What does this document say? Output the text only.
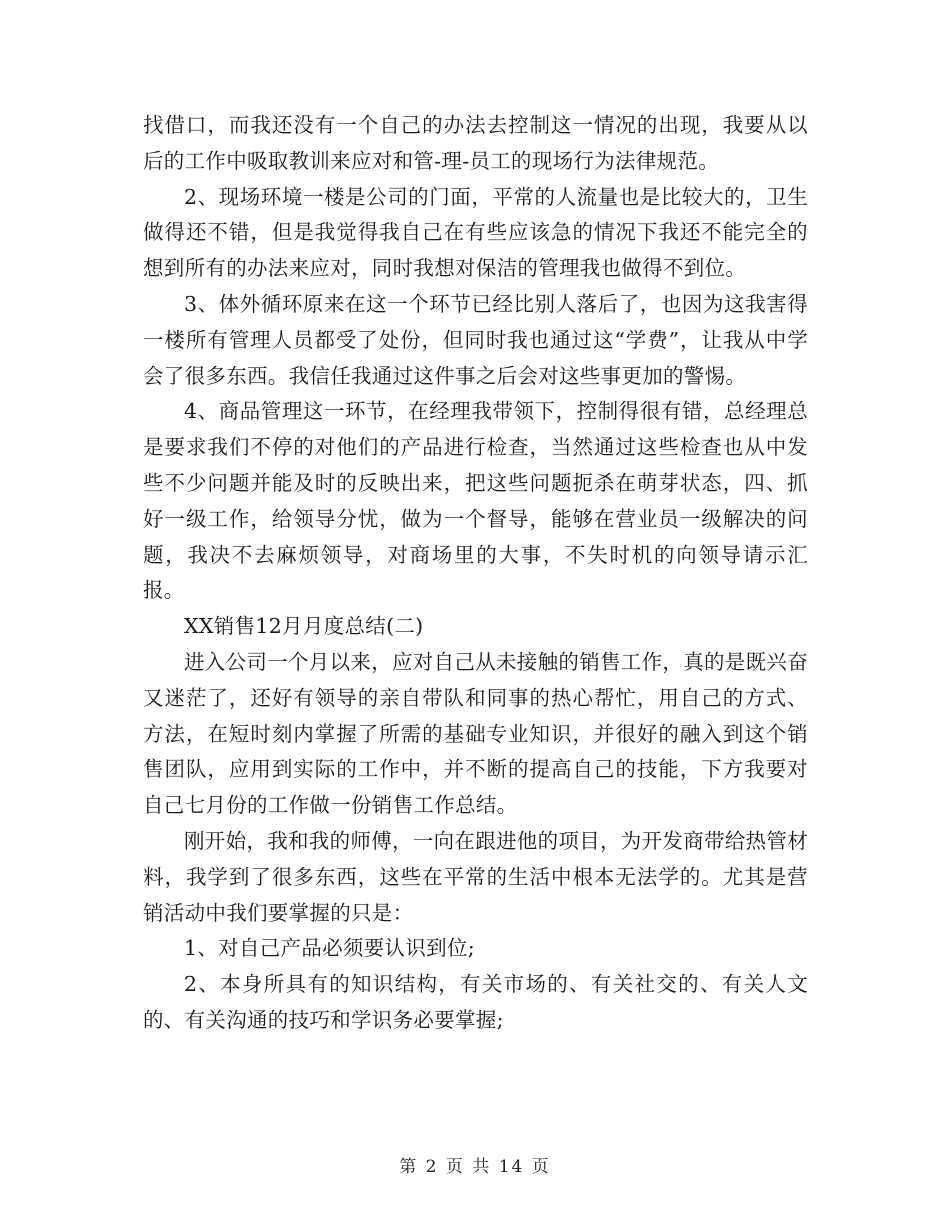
找借口，而我还没有一个自己的办法去控制这一情况的出现，我要从以后的工作中吸取教训来应对和管-理-员工的现场行为法律规范。

2、现场环境一楼是公司的门面，平常的人流量也是比较大的，卫生做得还不错，但是我觉得我自己在有些应该急的情况下我还不能完全的想到所有的办法来应对，同时我想对保洁的管理我也做得不到位。

3、体外循环原来在这一个环节已经比别人落后了，也因为这我害得一楼所有管理人员都受了处份，但同时我也通过这“学费”，让我从中学会了很多东西。我信任我通过这件事之后会对这些事更加的警惕。

4、商品管理这一环节，在经理我带领下，控制得很有错，总经理总是要求我们不停的对他们的产品进行检查，当然通过这些检查也从中发些不少问题并能及时的反映出来，把这些问题扼杀在萌芽状态，四、抓好一级工作，给领导分忧，做为一个督导，能够在营业员一级解决的问题，我决不去麻烦领导，对商场里的大事，不失时机的向领导请示汇报。

XX销售12月月度总结(二)

进入公司一个月以来，应对自己从未接触的销售工作，真的是既兴奋又迷茫了，还好有领导的亲自带队和同事的热心帮忙，用自己的方式、方法，在短时刻内掌握了所需的基础专业知识，并很好的融入到这个销售团队，应用到实际的工作中，并不断的提高自己的技能，下方我要对自己七月份的工作做一份销售工作总结。

刚开始，我和我的师傅，一向在跟进他的项目，为开发商带给热管材料，我学到了很多东西，这些在平常的生活中根本无法学的。尤其是营销活动中我们要掌握的只是：

1、对自己产品必须要认识到位;

2、本身所具有的知识结构，有关市场的、有关社交的、有关人文的、有关沟通的技巧和学识务必要掌握;

第 2 页 共 14 页
